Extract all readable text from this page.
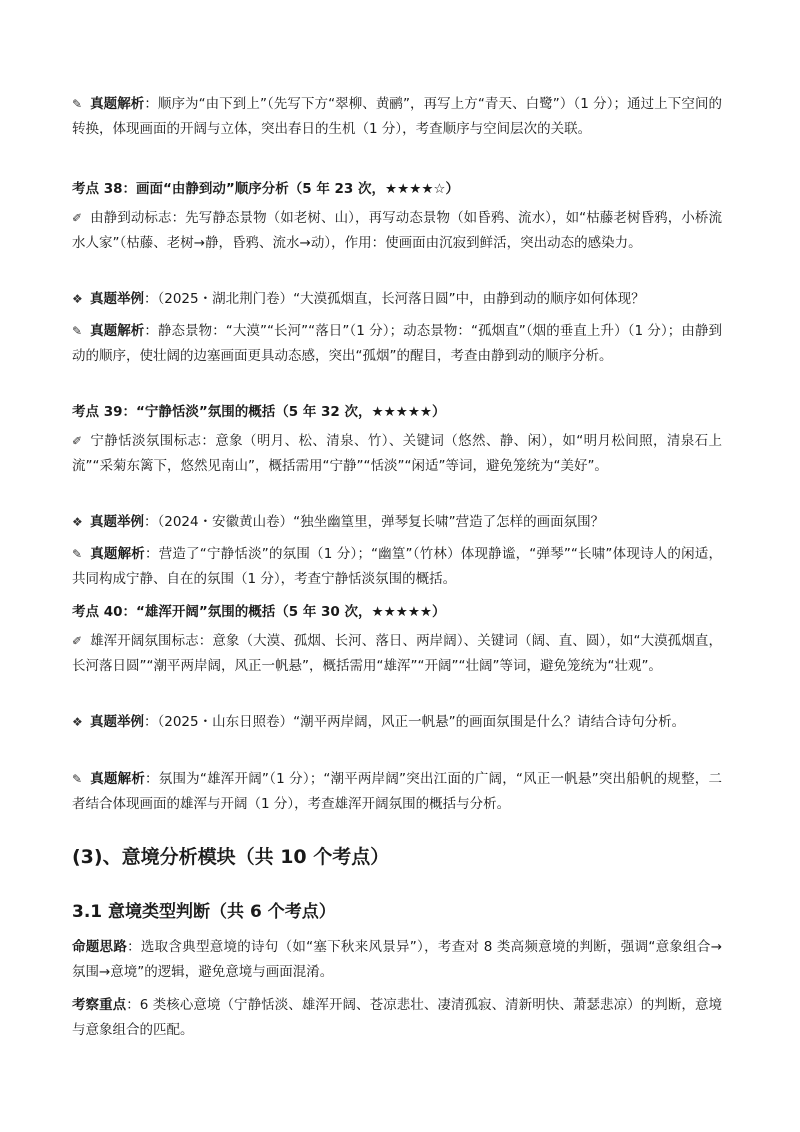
✎ 真题解析：顺序为“由下到上”（先写下方“翠柳、黄鹂”，再写上方“青天、白鹭”）（1 分）；通过上下空间的转换，体现画面的开阔与立体，突出春日的生机（1 分），考查顺序与空间层次的关联。

考点 38：画面“由静到动”顺序分析（5 年 23 次，★★★★☆）

✐ 由静到动标志：先写静态景物（如老树、山），再写动态景物（如昏鸦、流水），如“枯藤老树昏鸦，小桥流水人家”（枯藤、老树→静，昏鸦、流水→动），作用：使画面由沉寂到鲜活，突出动态的感染力。

❖ 真题举例：（2025・湖北荆门卷）“大漠孤烟直，长河落日圆”中，由静到动的顺序如何体现？

✎ 真题解析：静态景物：“大漠”“长河”“落日”（1 分）；动态景物：“孤烟直”（烟的垂直上升）（1 分）；由静到动的顺序，使壮阔的边塞画面更具动态感，突出“孤烟”的醒目，考查由静到动的顺序分析。

考点 39：“宁静恬淡”氛围的概括（5 年 32 次，★★★★★）

✐ 宁静恬淡氛围标志：意象（明月、松、清泉、竹）、关键词（悠然、静、闲），如“明月松间照，清泉石上流”“采菊东篱下，悠然见南山”，概括需用“宁静”“恬淡”“闲适”等词，避免笼统为“美好”。

❖ 真题举例：（2024・安徽黄山卷）“独坐幽篁里，弹琴复长啸”营造了怎样的画面氛围？

✎ 真题解析：营造了“宁静恬淡”的氛围（1 分）；“幽篁”（竹林）体现静谧，“弹琴”“长啸”体现诗人的闲适，共同构成宁静、自在的氛围（1 分），考查宁静恬淡氛围的概括。

考点 40：“雄浑开阔”氛围的概括（5 年 30 次，★★★★★）

✐ 雄浑开阔氛围标志：意象（大漠、孤烟、长河、落日、两岸阔）、关键词（阔、直、圆），如“大漠孤烟直，长河落日圆”“潮平两岸阔，风正一帆悬”，概括需用“雄浑”“开阔”“壮阔”等词，避免笼统为“壮观”。

❖ 真题举例：（2025・山东日照卷）“潮平两岸阔，风正一帆悬”的画面氛围是什么？请结合诗句分析。

✎ 真题解析：氛围为“雄浑开阔”（1 分）；“潮平两岸阔”突出江面的广阔，“风正一帆悬”突出船帆的规整，二者结合体现画面的雄浑与开阔（1 分），考查雄浑开阔氛围的概括与分析。

(3)、意境分析模块（共 10 个考点）
3.1 意境类型判断（共 6 个考点）

命题思路：选取含典型意境的诗句（如“塞下秋来风景异”），考查对 8 类高频意境的判断，强调“意象组合→氛围→意境”的逻辑，避免意境与画面混淆。

考察重点：6 类核心意境（宁静恬淡、雄浑开阔、苍凉悲壮、凄清孤寂、清新明快、萧瑟悲凉）的判断，意境与意象组合的匹配。
